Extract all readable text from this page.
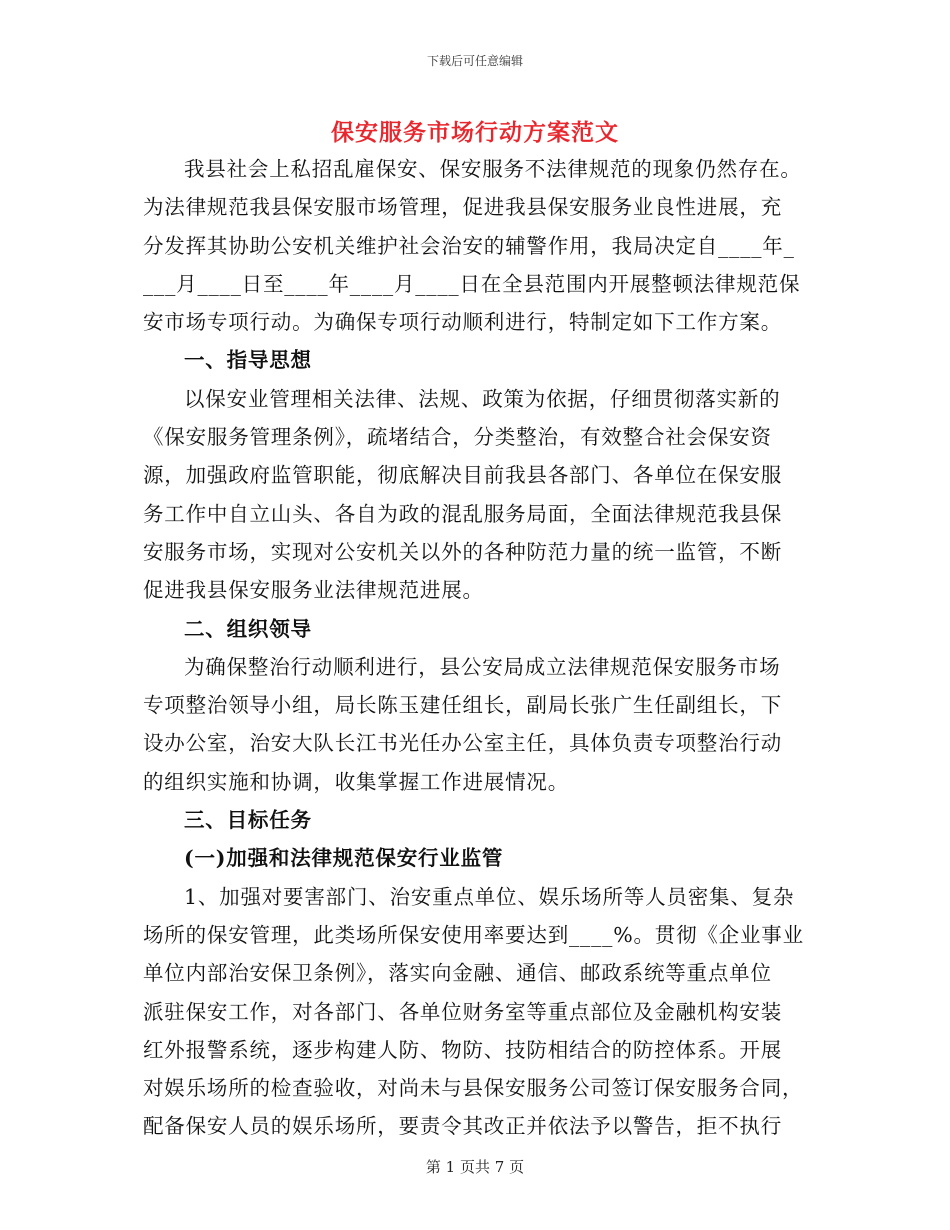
下载后可任意编辑
保安服务市场行动方案范文
我县社会上私招乱雇保安、保安服务不法律规范的现象仍然存在。
为法律规范我县保安服市场管理，促进我县保安服务业良性进展，充
分发挥其协助公安机关维护社会治安的辅警作用，我局决定自____年_
___月____日至____年____月____日在全县范围内开展整顿法律规范保
安市场专项行动。为确保专项行动顺利进行，特制定如下工作方案。
一、指导思想
以保安业管理相关法律、法规、政策为依据，仔细贯彻落实新的
《保安服务管理条例》，疏堵结合，分类整治，有效整合社会保安资
源，加强政府监管职能，彻底解决目前我县各部门、各单位在保安服
务工作中自立山头、各自为政的混乱服务局面，全面法律规范我县保
安服务市场，实现对公安机关以外的各种防范力量的统一监管，不断
促进我县保安服务业法律规范进展。
二、组织领导
为确保整治行动顺利进行，县公安局成立法律规范保安服务市场
专项整治领导小组，局长陈玉建任组长，副局长张广生任副组长，下
设办公室，治安大队长江书光任办公室主任，具体负责专项整治行动
的组织实施和协调，收集掌握工作进展情况。
三、目标任务
(一)加强和法律规范保安行业监管
1、加强对要害部门、治安重点单位、娱乐场所等人员密集、复杂
场所的保安管理，此类场所保安使用率要达到____%。贯彻《企业事业
单位内部治安保卫条例》，落实向金融、通信、邮政系统等重点单位
派驻保安工作，对各部门、各单位财务室等重点部位及金融机构安装
红外报警系统，逐步构建人防、物防、技防相结合的防控体系。开展
对娱乐场所的检查验收，对尚未与县保安服务公司签订保安服务合同，
配备保安人员的娱乐场所，要责令其改正并依法予以警告，拒不执行
第 1 页共 7 页
